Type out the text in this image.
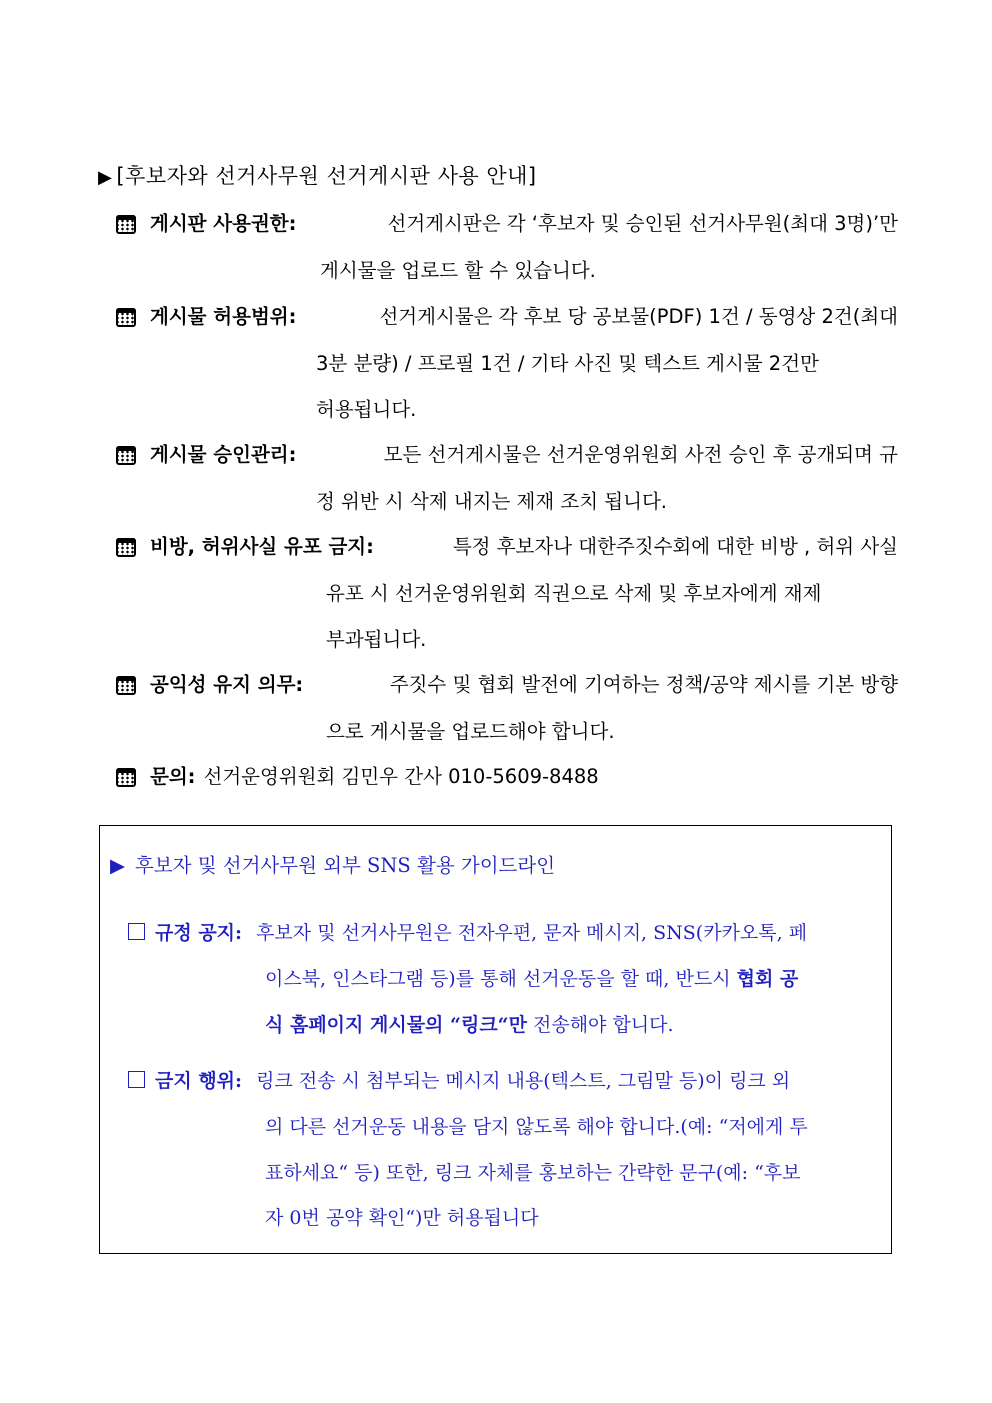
▶ [후보자와 선거사무원 선거게시판 사용 안내]
게시판 사용권한:	선거게시판은 각 ‘후보자 및 승인된 선거사무원(최대 3명)’만
게시물을 업로드 할 수 있습니다.
게시물 허용범위:	선거게시물은 각 후보 당 공보물(PDF) 1건 / 동영상 2건(최대
3분 분량) / 프로필 1건 / 기타 사진 및 텍스트 게시물 2건만
허용됩니다.
게시물 승인관리:	모든 선거게시물은 선거운영위원회 사전 승인 후 공개되며 규
정 위반 시 삭제 내지는 제재 조치 됩니다.
비방, 허위사실 유포 금지:	특정 후보자나 대한주짓수회에 대한 비방 , 허위 사실
유포 시 선거운영위원회 직권으로 삭제 및 후보자에게 재제
부과됩니다.
공익성 유지 의무:	주짓수 및 협회 발전에 기여하는 정책/공약 제시를 기본 방향
으로 게시물을 업로드해야 합니다.
문의: 선거운영위원회 김민우 간사 010-5609-8488
▶ 후보자 및 선거사무원 외부 SNS 활용 가이드라인
규정 공지: 후보자 및 선거사무원은 전자우편, 문자 메시지, SNS(카카오톡, 페
이스북, 인스타그램 등)를 통해 선거운동을 할 때, 반드시 협회 공
식 홈페이지 게시물의 “링크“만 전송해야 합니다.
금지 행위: 링크 전송 시 첨부되는 메시지 내용(텍스트, 그림말 등)이 링크 외
의 다른 선거운동 내용을 담지 않도록 해야 합니다.(예: “저에게 투
표하세요“ 등) 또한, 링크 자체를 홍보하는 간략한 문구(예: “후보
자 0번 공약 확인“)만 허용됩니다
